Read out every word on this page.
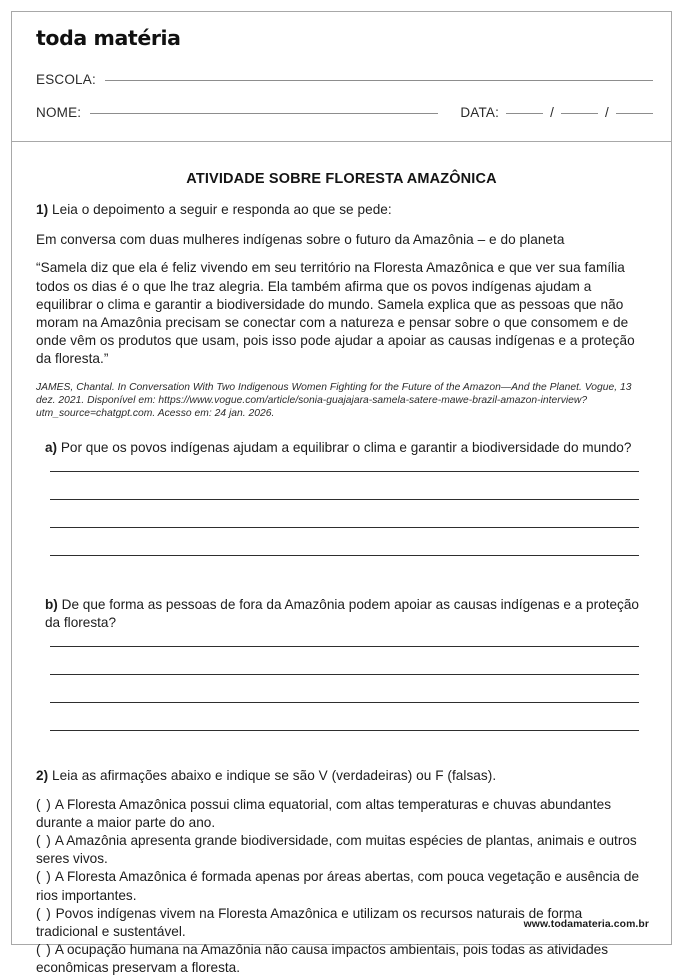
toda matéria
ESCOLA:
NOME:	DATA:	/	/
ATIVIDADE SOBRE FLORESTA AMAZÔNICA

1) Leia o depoimento a seguir e responda ao que se pede:

Em conversa com duas mulheres indígenas sobre o futuro da Amazônia – e do planeta

“Samela diz que ela é feliz vivendo em seu território na Floresta Amazônica e que ver sua família todos os dias é o que lhe traz alegria. Ela também afirma que os povos indígenas ajudam a equilibrar o clima e garantir a biodiversidade do mundo. Samela explica que as pessoas que não moram na Amazônia precisam se conectar com a natureza e pensar sobre o que consomem e de onde vêm os produtos que usam, pois isso pode ajudar a apoiar as causas indígenas e a proteção da floresta.”

JAMES, Chantal. In Conversation With Two Indigenous Women Fighting for the Future of the Amazon—And the Planet. Vogue, 13 dez. 2021. Disponível em: https://www.vogue.com/article/sonia-guajajara-samela-satere-mawe-brazil-amazon-interview?utm_source=chatgpt.com. Acesso em: 24 jan. 2026.

a) Por que os povos indígenas ajudam a equilibrar o clima e garantir a biodiversidade do mundo?

b) De que forma as pessoas de fora da Amazônia podem apoiar as causas indígenas e a proteção da floresta?

2) Leia as afirmações abaixo e indique se são V (verdadeiras) ou F (falsas).

( ) A Floresta Amazônica possui clima equatorial, com altas temperaturas e chuvas abundantes durante a maior parte do ano.

( ) A Amazônia apresenta grande biodiversidade, com muitas espécies de plantas, animais e outros seres vivos.

( ) A Floresta Amazônica é formada apenas por áreas abertas, com pouca vegetação e ausência de rios importantes.

( ) Povos indígenas vivem na Floresta Amazônica e utilizam os recursos naturais de forma tradicional e sustentável.

( ) A ocupação humana na Amazônia não causa impactos ambientais, pois todas as atividades econômicas preservam a floresta.

www.todamateria.com.br
